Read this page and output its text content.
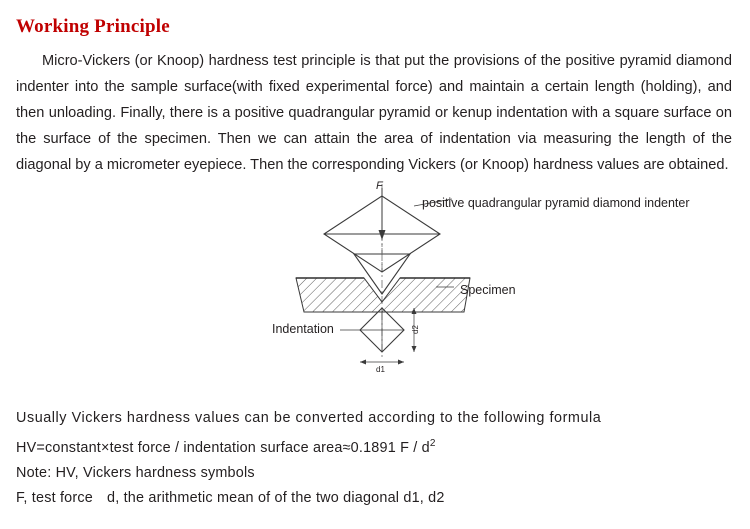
Working Principle
Micro-Vickers (or Knoop) hardness test principle is that put the provisions of the positive pyramid diamond indenter into the sample surface(with fixed experimental force) and maintain a certain length (holding), and then unloading. Finally, there is a positive quadrangular pyramid or kenup indentation with a square surface on the surface of the specimen. Then we can attain the area of indentation via measuring the length of the diagonal by a micrometer eyepiece. Then the corresponding Vickers (or Knoop) hardness values are obtained.
d2
d1
F
positive quadrangular pyramid diamond indenter
Specimen
Indentation
Usually Vickers hardness values can be converted according to the following formula
HV=constant×test force / indentation surface area≈0.1891 F / $d^2$
Note: HV, Vickers hardness symbols
F, test force d, the arithmetic mean of of the two diagonal d1, d2
